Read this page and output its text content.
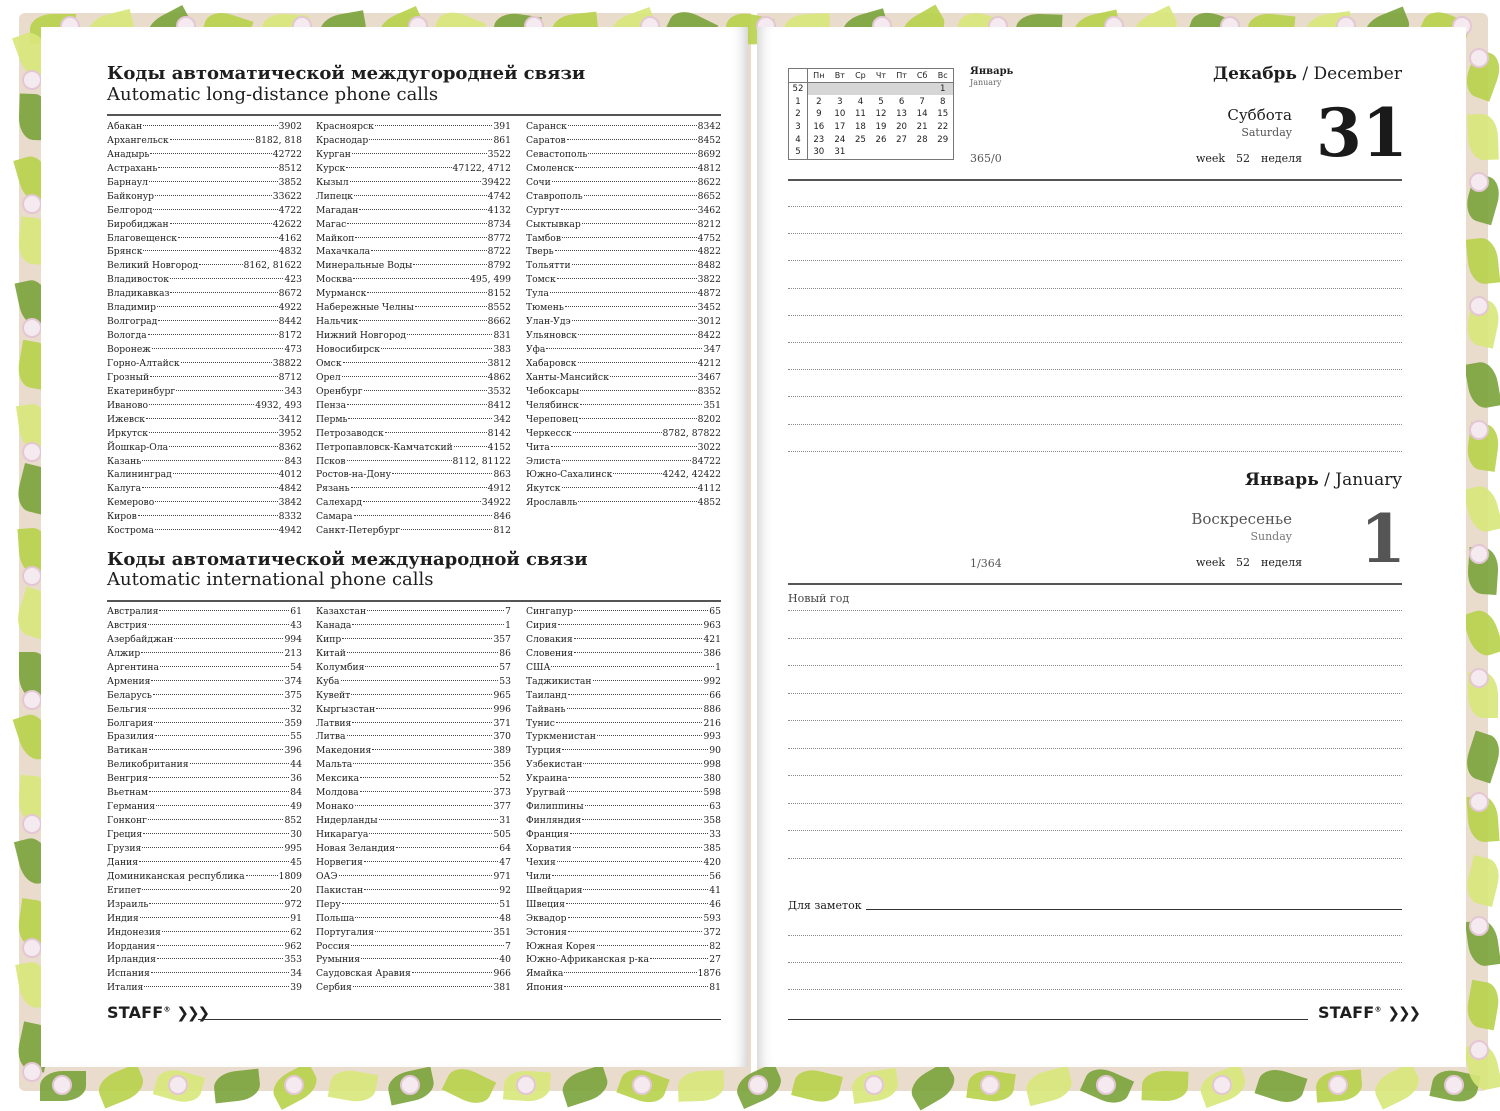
Коды автоматической междугородней связи
Automatic long-distance phone calls
Абакан	3902
Архангельск	8182, 818
Анадырь	42722
Астрахань	8512
Барнаул	3852
Байконур	33622
Белгород	4722
Биробиджан	42622
Благовещенск	4162
Брянск	4832
Великий Новгород	8162, 81622
Владивосток	423
Владикавказ	8672
Владимир	4922
Волгоград	8442
Вологда	8172
Воронеж	473
Горно-Алтайск	38822
Грозный	8712
Екатеринбург	343
Иваново	4932, 493
Ижевск	3412
Иркутск	3952
Йошкар-Ола	8362
Казань	843
Калининград	4012
Калуга	4842
Кемерово	3842
Киров	8332
Кострома	4942
Красноярск	391
Краснодар	861
Курган	3522
Курск	47122, 4712
Кызыл	39422
Липецк	4742
Магадан	4132
Магас	8734
Майкоп	8772
Махачкала	8722
Минеральные Воды	8792
Москва	495, 499
Мурманск	8152
Набережные Челны	8552
Нальчик	8662
Нижний Новгород	831
Новосибирск	383
Омск	3812
Орел	4862
Оренбург	3532
Пенза	8412
Пермь	342
Петрозаводск	8142
Петропавловск-Камчатский	4152
Псков	8112, 81122
Ростов-на-Дону	863
Рязань	4912
Салехард	34922
Самара	846
Санкт-Петербург	812
Саранск	8342
Саратов	8452
Севастополь	8692
Смоленск	4812
Сочи	8622
Ставрополь	8652
Сургут	3462
Сыктывкар	8212
Тамбов	4752
Тверь	4822
Тольятти	8482
Томск	3822
Тула	4872
Тюмень	3452
Улан-Удэ	3012
Ульяновск	8422
Уфа	347
Хабаровск	4212
Ханты-Мансийск	3467
Чебоксары	8352
Челябинск	351
Череповец	8202
Черкесск	8782, 87822
Чита	3022
Элиста	84722
Южно-Сахалинск	4242, 42422
Якутск	4112
Ярославль	4852
Коды автоматической международной связи
Automatic international phone calls
Австралия	61
Австрия	43
Азербайджан	994
Алжир	213
Аргентина	54
Армения	374
Беларусь	375
Бельгия	32
Болгария	359
Бразилия	55
Ватикан	396
Великобритания	44
Венгрия	36
Вьетнам	84
Германия	49
Гонконг	852
Греция	30
Грузия	995
Дания	45
Доминиканская республика	1809
Египет	20
Израиль	972
Индия	91
Индонезия	62
Иордания	962
Ирландия	353
Испания	34
Италия	39
Казахстан	7
Канада	1
Кипр	357
Китай	86
Колумбия	57
Куба	53
Кувейт	965
Кыргызстан	996
Латвия	371
Литва	370
Македония	389
Мальта	356
Мексика	52
Молдова	373
Монако	377
Нидерланды	31
Никарагуа	505
Новая Зеландия	64
Норвегия	47
ОАЭ	971
Пакистан	92
Перу	51
Польша	48
Португалия	351
Россия	7
Румыния	40
Саудовская Аравия	966
Сербия	381
Сингапур	65
Сирия	963
Словакия	421
Словения	386
США	1
Таджикистан	992
Таиланд	66
Тайвань	886
Тунис	216
Туркменистан	993
Турция	90
Узбекистан	998
Украина	380
Уругвай	598
Филиппины	63
Финляндия	358
Франция	33
Хорватия	385
Чехия	420
Чили	56
Швейцария	41
Швеция	46
Эквадор	593
Эстония	372
Южная Корея	82
Южно-Африканская р-ка	27
Ямайка	1876
Япония	81
STAFF® ❯❯❯
	Пн	Вт	Ср	Чт	Пт	Сб	Вс
52							1
1	2	3	4	5	6	7	8
2	9	10	11	12	13	14	15
3	16	17	18	19	20	21	22
4	23	24	25	26	27	28	29
5	30	31					
Январь
January	Декабрь / December
Суббота
Saturday 31
365/0	week 52 неделя
Январь / January
Воскресенье
Sunday 1
1/364	week 52 неделя
Новый год
Для заметок
STAFF® ❯❯❯
